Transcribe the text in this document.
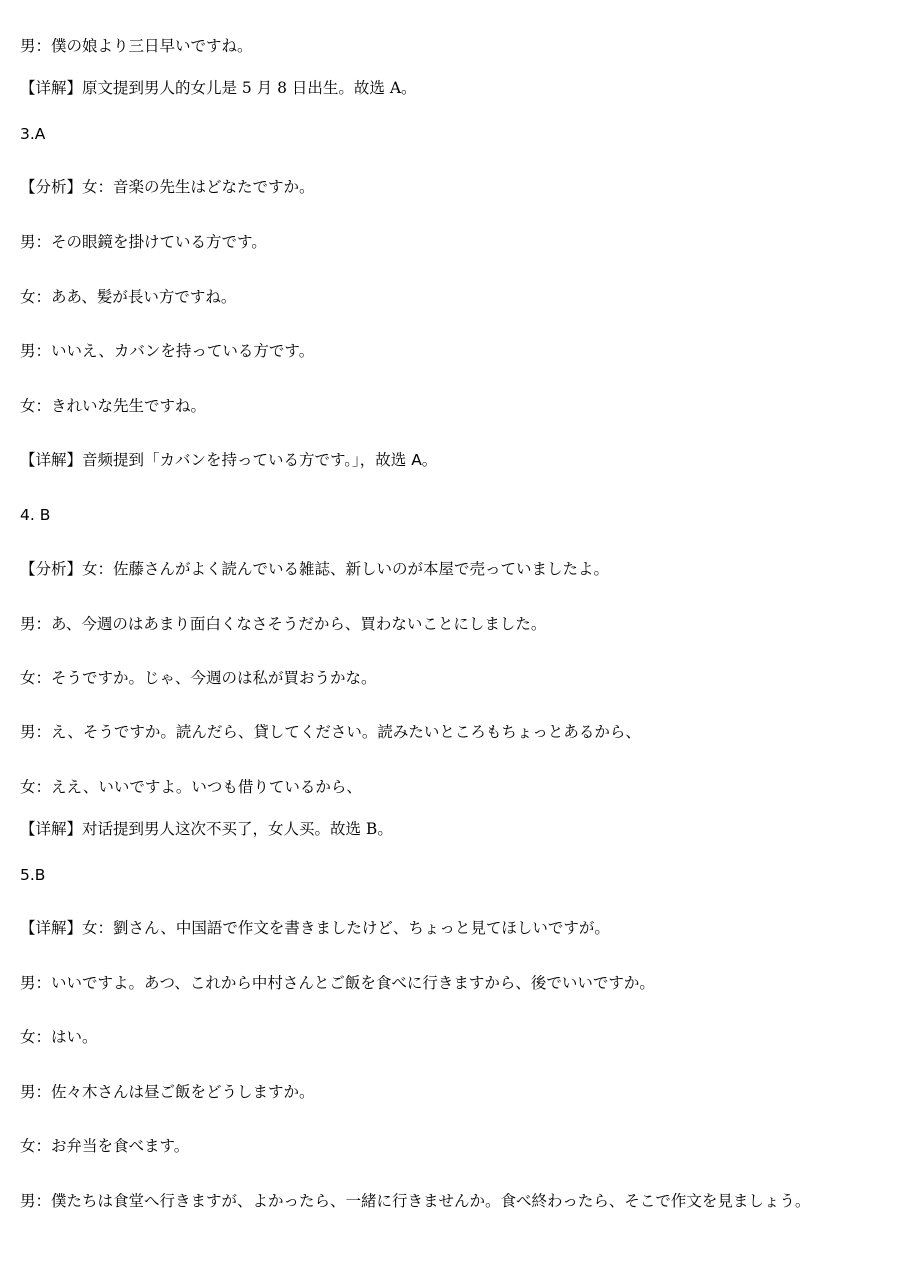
男：僕の娘より三日早いですね。
【详解】原文提到男人的女儿是 5 月 8 日出生。故选 A。
3.A
【分析】女：音楽の先生はどなたですか。
男：その眼鏡を掛けている方です。
女：ああ、髪が長い方ですね。
男：いいえ、カバンを持っている方です。
女：きれいな先生ですね。
【详解】音频提到「カバンを持っている方です。」，故选 A。
4. B
【分析】女：佐藤さんがよく読んでいる雑誌、新しいのが本屋で売っていましたよ。
男：あ、今週のはあまり面白くなさそうだから、買わないことにしました。
女：そうですか。じゃ、今週のは私が買おうかな。
男：え、そうですか。読んだら、貸してください。読みたいところもちょっとあるから、
女：ええ、いいですよ。いつも借りているから、
【详解】对话提到男人这次不买了，女人买。故选 B。
5.B
【详解】女：劉さん、中国語で作文を書きましたけど、ちょっと見てほしいですが。
男：いいですよ。あつ、これから中村さんとご飯を食べに行きますから、後でいいですか。
女：はい。
男：佐々木さんは昼ご飯をどうしますか。
女：お弁当を食べます。
男：僕たちは食堂へ行きますが、よかったら、一緒に行きませんか。食べ終わったら、そこで作文を見ましょう。
